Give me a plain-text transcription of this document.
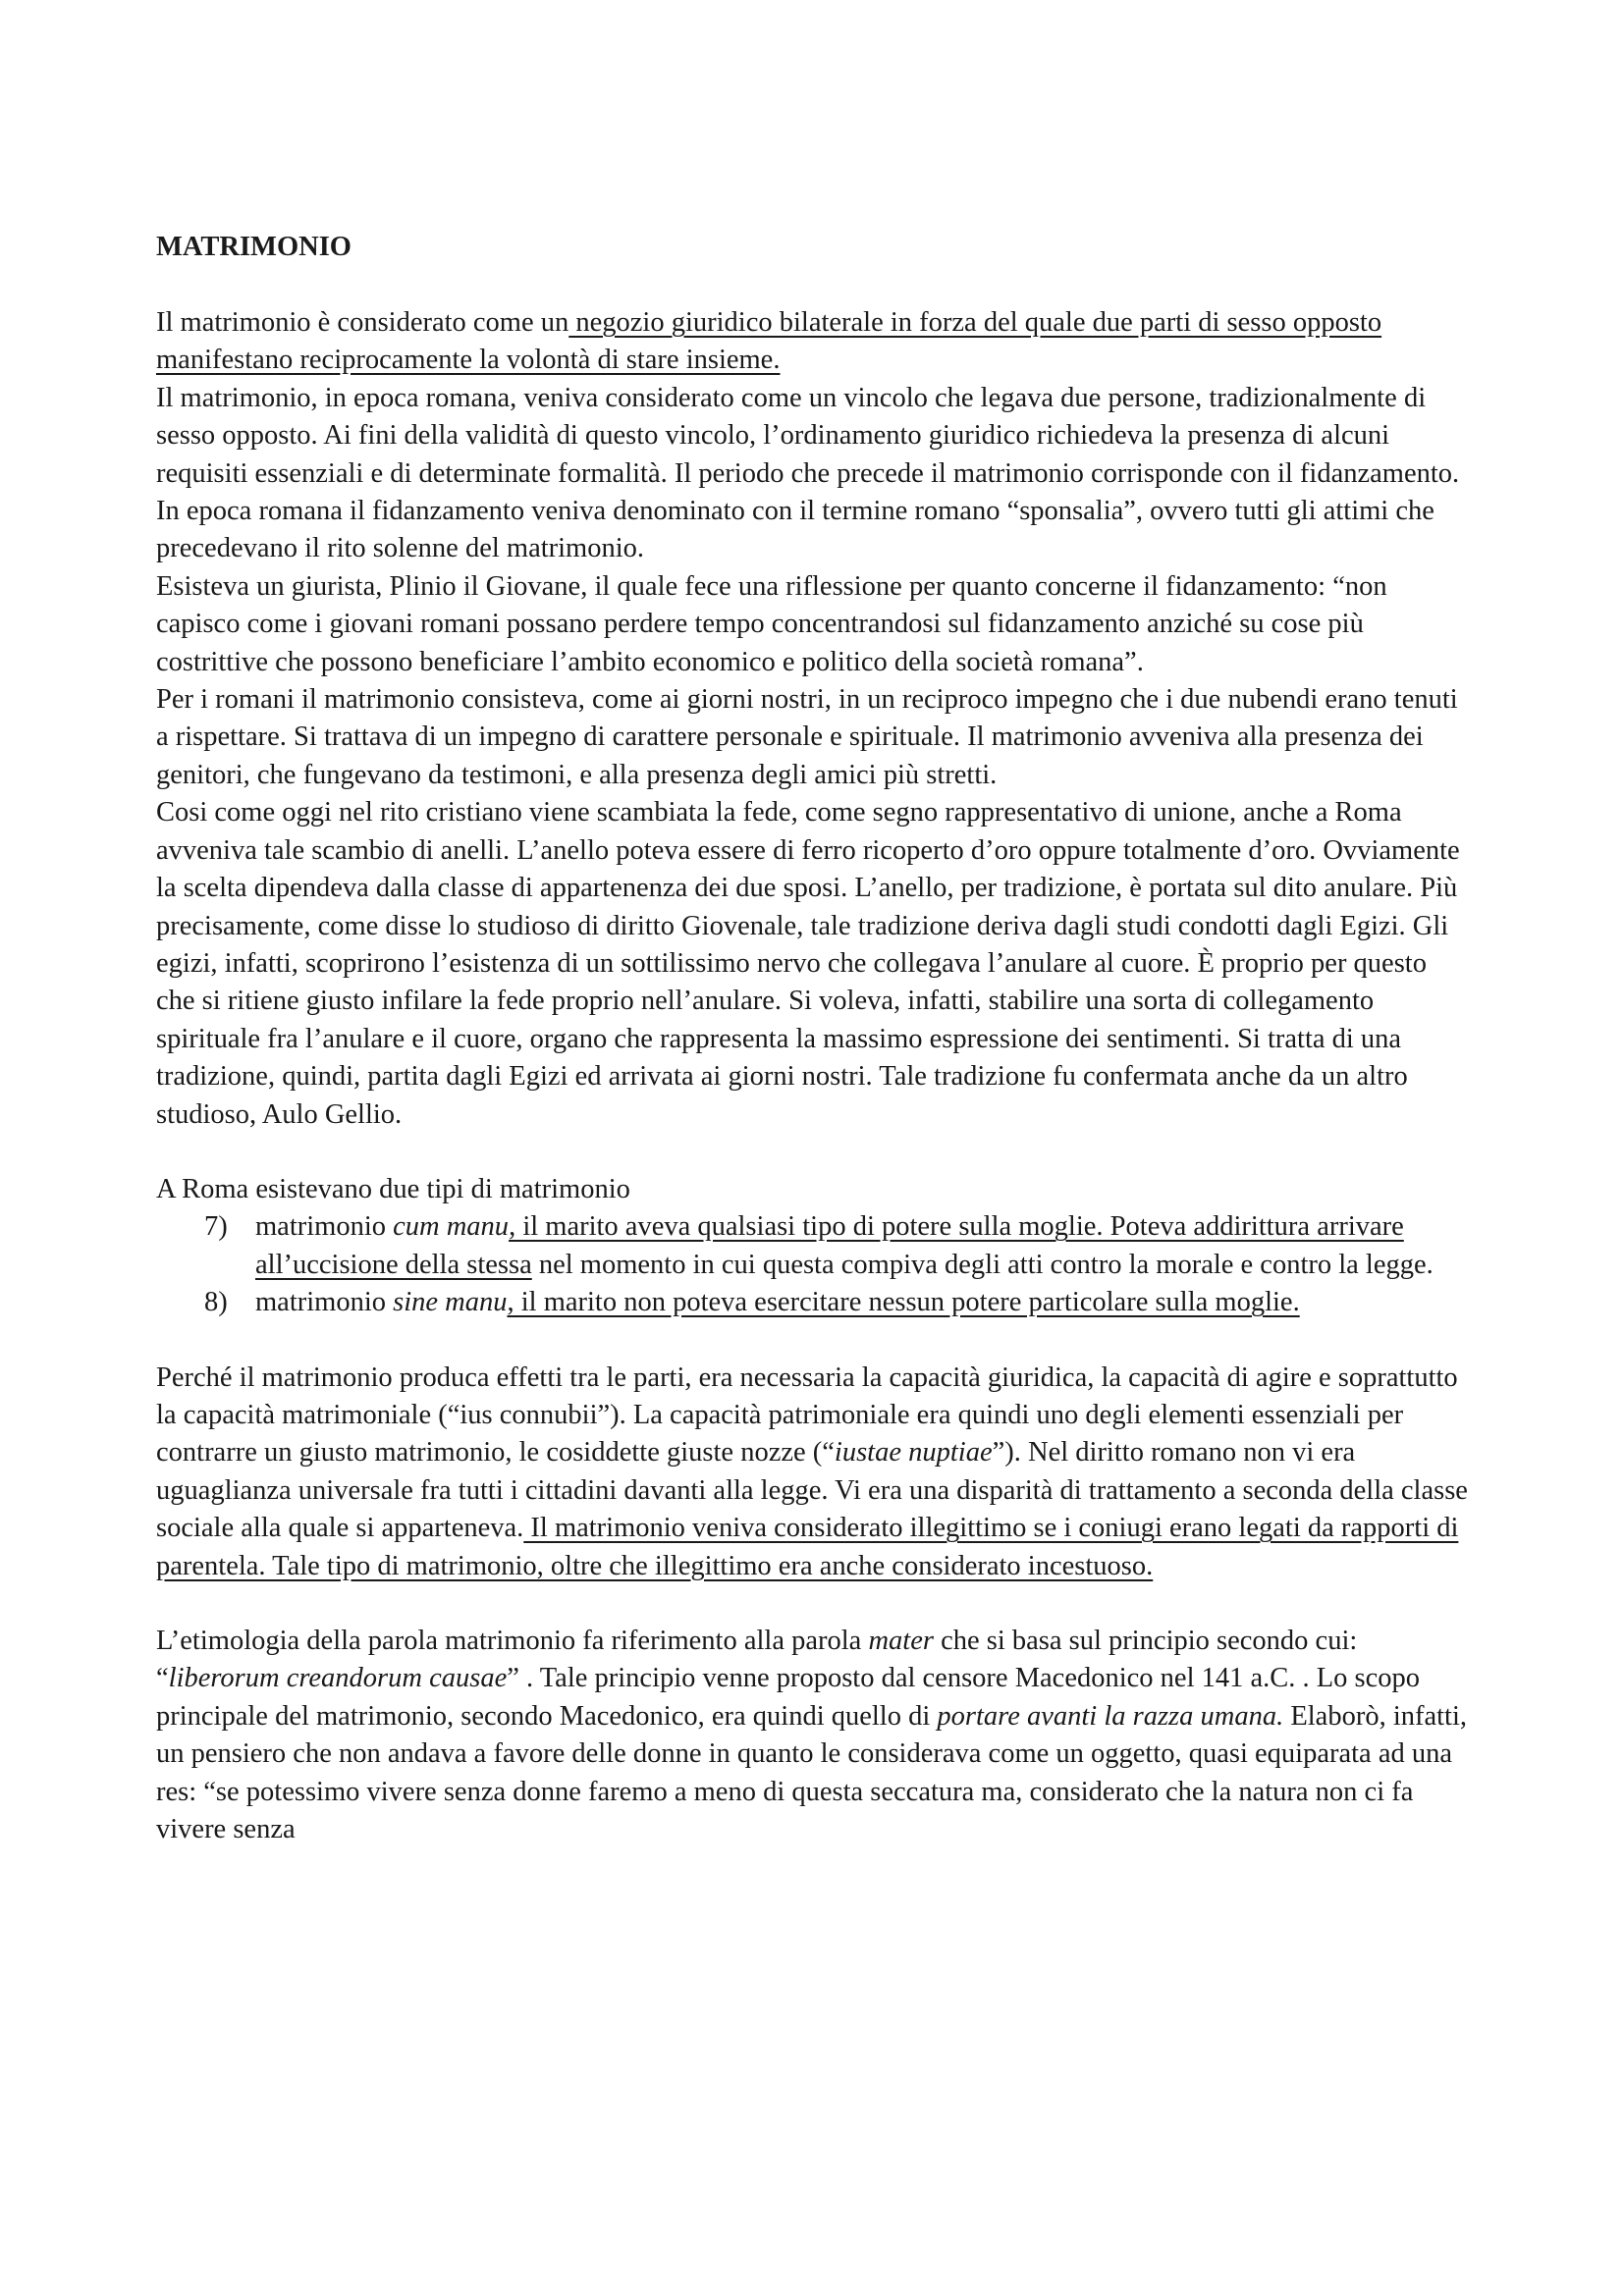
MATRIMONIO

Il matrimonio è considerato come un negozio giuridico bilaterale in forza del quale due parti di sesso opposto manifestano reciprocamente la volontà di stare insieme.

Il matrimonio, in epoca romana, veniva considerato come un vincolo che legava due persone, tradizionalmente di sesso opposto. Ai fini della validità di questo vincolo, l’ordinamento giuridico richiedeva la presenza di alcuni requisiti essenziali e di determinate formalità. Il periodo che precede il matrimonio corrisponde con il fidanzamento. In epoca romana il fidanzamento veniva denominato con il termine romano “sponsalia”, ovvero tutti gli attimi che precedevano il rito solenne del matrimonio.

Esisteva un giurista, Plinio il Giovane, il quale fece una riflessione per quanto concerne il fidanzamento: “non capisco come i giovani romani possano perdere tempo concentrandosi sul fidanzamento anziché su cose più costrittive che possono beneficiare l’ambito economico e politico della società romana”.

Per i romani il matrimonio consisteva, come ai giorni nostri, in un reciproco impegno che i due nubendi erano tenuti a rispettare. Si trattava di un impegno di carattere personale e spirituale. Il matrimonio avveniva alla presenza dei genitori, che fungevano da testimoni, e alla presenza degli amici più stretti.

Cosi come oggi nel rito cristiano viene scambiata la fede, come segno rappresentativo di unione, anche a Roma avveniva tale scambio di anelli. L’anello poteva essere di ferro ricoperto d’oro oppure totalmente d’oro. Ovviamente la scelta dipendeva dalla classe di appartenenza dei due sposi. L’anello, per tradizione, è portata sul dito anulare. Più precisamente, come disse lo studioso di diritto Giovenale, tale tradizione deriva dagli studi condotti dagli Egizi. Gli egizi, infatti, scoprirono l’esistenza di un sottilissimo nervo che collegava l’anulare al cuore. È proprio per questo che si ritiene giusto infilare la fede proprio nell’anulare. Si voleva, infatti, stabilire una sorta di collegamento spirituale fra l’anulare e il cuore, organo che rappresenta la massimo espressione dei sentimenti. Si tratta di una tradizione, quindi, partita dagli Egizi ed arrivata ai giorni nostri. Tale tradizione fu confermata anche da un altro studioso, Aulo Gellio.

A Roma esistevano due tipi di matrimonio

7) matrimonio cum manu, il marito aveva qualsiasi tipo di potere sulla moglie. Poteva addirittura arrivare all’uccisione della stessa nel momento in cui questa compiva degli atti contro la morale e contro la legge.
8) matrimonio sine manu, il marito non poteva esercitare nessun potere particolare sulla moglie.

Perché il matrimonio produca effetti tra le parti, era necessaria la capacità giuridica, la capacità di agire e soprattutto la capacità matrimoniale (“ius connubii”). La capacità patrimoniale era quindi uno degli elementi essenziali per contrarre un giusto matrimonio, le cosiddette giuste nozze (“iustae nuptiae”). Nel diritto romano non vi era uguaglianza universale fra tutti i cittadini davanti alla legge. Vi era una disparità di trattamento a seconda della classe sociale alla quale si apparteneva. Il matrimonio veniva considerato illegittimo se i coniugi erano legati da rapporti di parentela. Tale tipo di matrimonio, oltre che illegittimo era anche considerato incestuoso.

L’etimologia della parola matrimonio fa riferimento alla parola mater che si basa sul principio secondo cui: “liberorum creandorum causae” . Tale principio venne proposto dal censore Macedonico nel 141 a.C. . Lo scopo principale del matrimonio, secondo Macedonico, era quindi quello di portare avanti la razza umana. Elaborò, infatti, un pensiero che non andava a favore delle donne in quanto le considerava come un oggetto, quasi equiparata ad una res: “se potessimo vivere senza donne faremo a meno di questa seccatura ma, considerato che la natura non ci fa vivere senza
